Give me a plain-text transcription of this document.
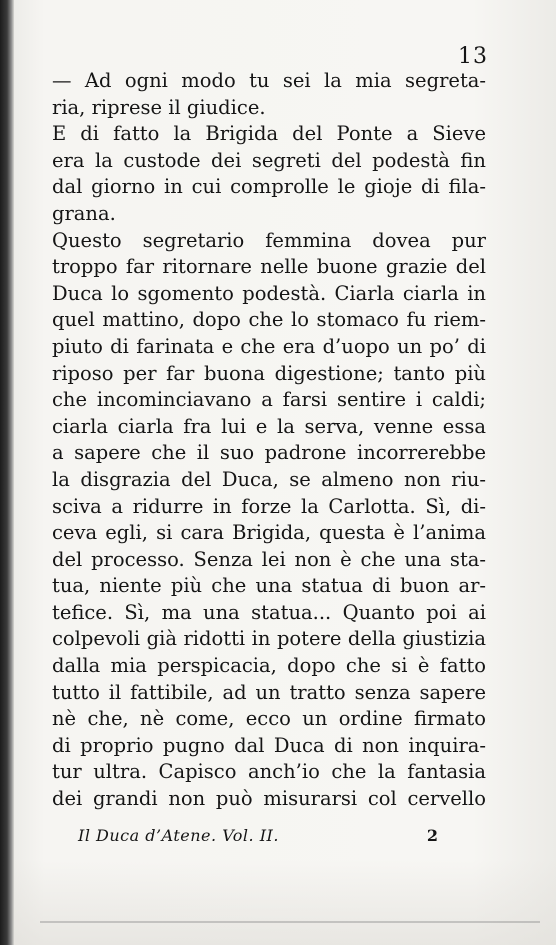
13
— Ad ogni modo tu sei la mia segreta-
ria, riprese il giudice.
E di fatto la Brigida del Ponte a Sieve
era la custode dei segreti del podestà fin
dal giorno in cui comprolle le gioje di fila-
grana.
Questo segretario femmina dovea pur
troppo far ritornare nelle buone grazie del
Duca lo sgomento podestà. Ciarla ciarla in
quel mattino, dopo che lo stomaco fu riem-
piuto di farinata e che era d’uopo un po’ di
riposo per far buona digestione; tanto più
che incominciavano a farsi sentire i caldi;
ciarla ciarla fra lui e la serva, venne essa
a sapere che il suo padrone incorrerebbe
la disgrazia del Duca, se almeno non riu-
sciva a ridurre in forze la Carlotta. Sì, di-
ceva egli, si cara Brigida, questa è l’anima
del processo. Senza lei non è che una sta-
tua, niente più che una statua di buon ar-
tefice. Sì, ma una statua... Quanto poi ai
colpevoli già ridotti in potere della giustizia
dalla mia perspicacia, dopo che si è fatto
tutto il fattibile, ad un tratto senza sapere
nè che, nè come, ecco un ordine firmato
di proprio pugno dal Duca di non inquira-
tur ultra. Capisco anch’io che la fantasia
dei grandi non può misurarsi col cervello
Il Duca d’Atene. Vol. II.	2
